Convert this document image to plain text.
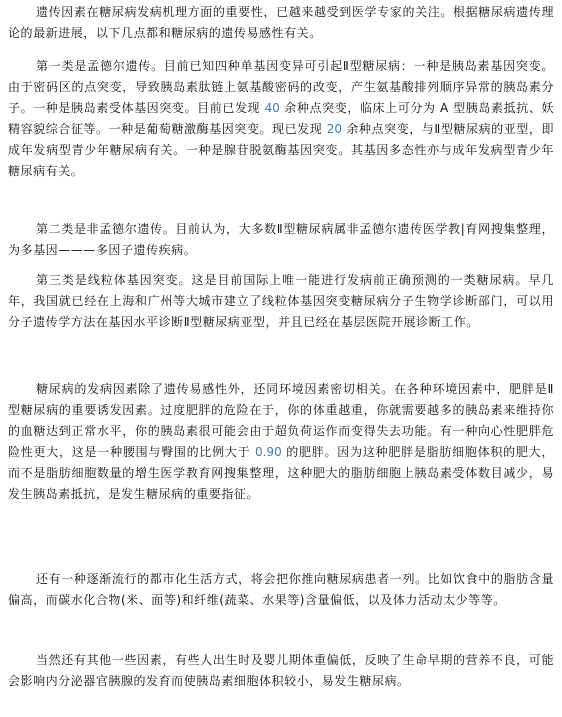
遗传因素在糖尿病发病机理方面的重要性，已越来越受到医学专家的关注。根据糖尿病遗传理论的最新进展，以下几点都和糖尿病的遗传易感性有关。

第一类是孟德尔遗传。目前已知四种单基因变异可引起Ⅱ型糖尿病：一种是胰岛素基因突变。由于密码区的点突变，导致胰岛素肽链上氨基酸密码的改变，产生氨基酸排列顺序异常的胰岛素分子。一种是胰岛素受体基因突变。目前已发现 40 余种点突变，临床上可分为 A 型胰岛素抵抗、妖精容貌综合征等。一种是葡萄糖激酶基因突变。现已发现 20 余种点突变，与Ⅱ型糖尿病的亚型，即成年发病型青少年糖尿病有关。一种是腺苷脱氨酶基因突变。其基因多态性亦与成年发病型青少年糖尿病有关。

第二类是非孟德尔遗传。目前认为，大多数Ⅱ型糖尿病属非孟德尔遗传医学教|育网搜集整理，为多基因———多因子遗传疾病。

第三类是线粒体基因突变。这是目前国际上唯一能进行发病前正确预测的一类糖尿病。早几年，我国就已经在上海和广州等大城市建立了线粒体基因突变糖尿病分子生物学诊断部门，可以用分子遗传学方法在基因水平诊断Ⅱ型糖尿病亚型，并且已经在基层医院开展诊断工作。

糖尿病的发病因素除了遗传易感性外，还同环境因素密切相关。在各种环境因素中，肥胖是Ⅱ型糖尿病的重要诱发因素。过度肥胖的危险在于，你的体重越重，你就需要越多的胰岛素来维持你的血糖达到正常水平，你的胰岛素很可能会由于超负荷运作而变得失去功能。有一种向心性肥胖危险性更大，这是一种腰围与臀围的比例大于 0.90 的肥胖。因为这种肥胖是脂肪细胞体积的肥大，而不是脂肪细胞数量的增生医学教育网搜集整理，这种肥大的脂肪细胞上胰岛素受体数目减少，易发生胰岛素抵抗，是发生糖尿病的重要指征。

还有一种逐渐流行的都市化生活方式，将会把你推向糖尿病患者一列。比如饮食中的脂肪含量偏高，而碳水化合物(米、面等)和纤维(蔬菜、水果等)含量偏低，以及体力活动太少等等。

当然还有其他一些因素，有些人出生时及婴儿期体重偏低，反映了生命早期的营养不良，可能会影响内分泌器官胰腺的发育而使胰岛素细胞体积较小，易发生糖尿病。
